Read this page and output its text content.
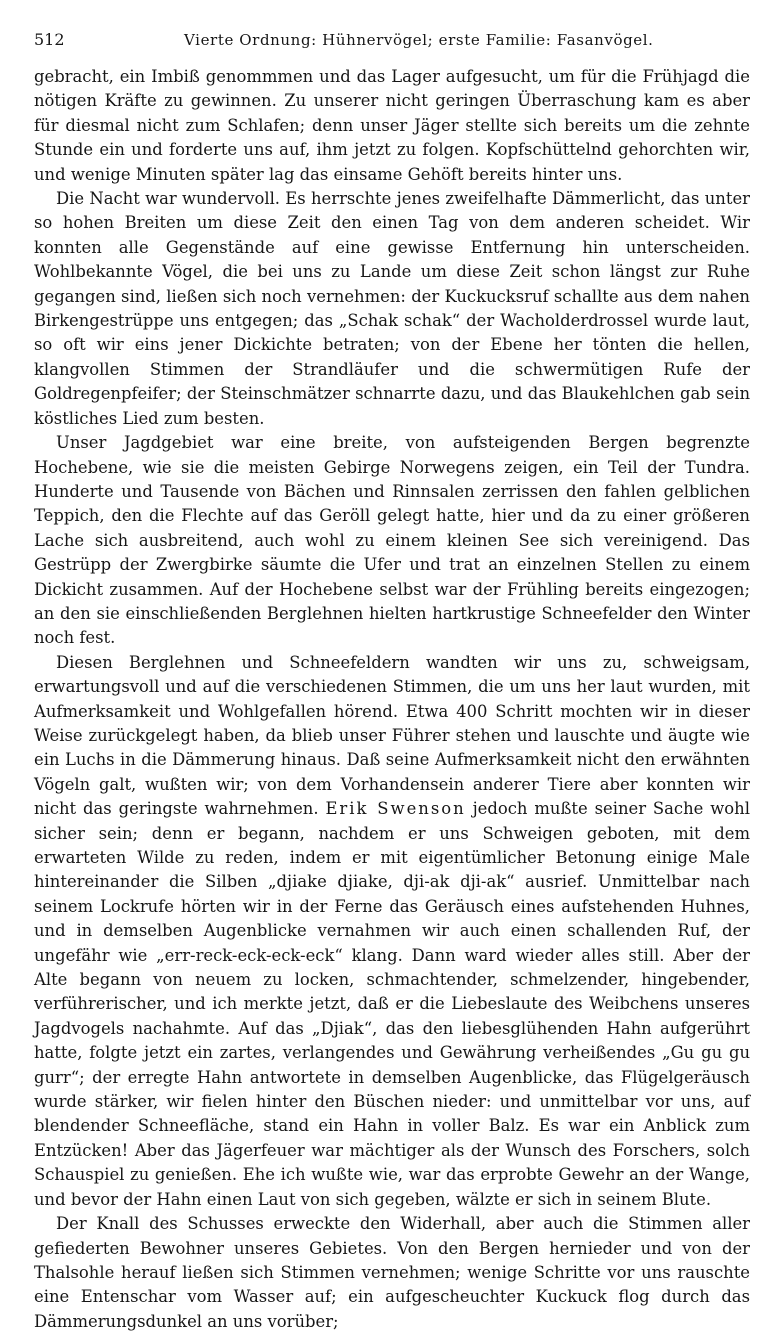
512	Vierte Ordnung: Hühnervögel; erste Familie: Fasanvögel.

gebracht, ein Imbiß genommmen und das Lager aufgesucht, um für die Frühjagd die nötigen Kräfte zu gewinnen. Zu unserer nicht geringen Überraschung kam es aber für diesmal nicht zum Schlafen; denn unser Jäger stellte sich bereits um die zehnte Stunde ein und forderte uns auf, ihm jetzt zu folgen. Kopfschüttelnd gehorchten wir, und wenige Minuten später lag das einsame Gehöft bereits hinter uns.

Die Nacht war wundervoll. Es herrschte jenes zweifelhafte Dämmerlicht, das unter so hohen Breiten um diese Zeit den einen Tag von dem anderen scheidet. Wir konnten alle Gegenstände auf eine gewisse Entfernung hin unterscheiden. Wohlbekannte Vögel, die bei uns zu Lande um diese Zeit schon längst zur Ruhe gegangen sind, ließen sich noch vernehmen: der Kuckucksruf schallte aus dem nahen Birkengestrüppe uns entgegen; das „Schak schak“ der Wacholderdrossel wurde laut, so oft wir eins jener Dickichte betraten; von der Ebene her tönten die hellen, klangvollen Stimmen der Strandläufer und die schwermütigen Rufe der Goldregenpfeifer; der Steinschmätzer schnarrte dazu, und das Blaukehlchen gab sein köstliches Lied zum besten.

Unser Jagdgebiet war eine breite, von aufsteigenden Bergen begrenzte Hochebene, wie sie die meisten Gebirge Norwegens zeigen, ein Teil der Tundra. Hunderte und Tausende von Bächen und Rinnsalen zerrissen den fahlen gelblichen Teppich, den die Flechte auf das Geröll gelegt hatte, hier und da zu einer größeren Lache sich ausbreitend, auch wohl zu einem kleinen See sich vereinigend. Das Gestrüpp der Zwergbirke säumte die Ufer und trat an einzelnen Stellen zu einem Dickicht zusammen. Auf der Hochebene selbst war der Frühling bereits eingezogen; an den sie einschließenden Berglehnen hielten hartkrustige Schneefelder den Winter noch fest.

Diesen Berglehnen und Schneefeldern wandten wir uns zu, schweigsam, erwartungsvoll und auf die verschiedenen Stimmen, die um uns her laut wurden, mit Aufmerksamkeit und Wohlgefallen hörend. Etwa 400 Schritt mochten wir in dieser Weise zurückgelegt haben, da blieb unser Führer stehen und lauschte und äugte wie ein Luchs in die Dämmerung hinaus. Daß seine Aufmerksamkeit nicht den erwähnten Vögeln galt, wußten wir; von dem Vorhandensein anderer Tiere aber konnten wir nicht das geringste wahrnehmen. Erik Swenson jedoch mußte seiner Sache wohl sicher sein; denn er begann, nachdem er uns Schweigen geboten, mit dem erwarteten Wilde zu reden, indem er mit eigentümlicher Betonung einige Male hintereinander die Silben „djiake djiake, dji-ak dji-ak“ ausrief. Unmittelbar nach seinem Lockrufe hörten wir in der Ferne das Geräusch eines aufstehenden Huhnes, und in demselben Augenblicke vernahmen wir auch einen schallenden Ruf, der ungefähr wie „err-reck-eck-eck-eck“ klang. Dann ward wieder alles still. Aber der Alte begann von neuem zu locken, schmachtender, schmelzender, hingebender, verführerischer, und ich merkte jetzt, daß er die Liebeslaute des Weibchens unseres Jagdvogels nachahmte. Auf das „Djiak“, das den liebesglühenden Hahn aufgerührt hatte, folgte jetzt ein zartes, verlangendes und Gewährung verheißendes „Gu gu gu gurr“; der erregte Hahn antwortete in demselben Augenblicke, das Flügelgeräusch wurde stärker, wir fielen hinter den Büschen nieder: und unmittelbar vor uns, auf blendender Schneefläche, stand ein Hahn in voller Balz. Es war ein Anblick zum Entzücken! Aber das Jägerfeuer war mächtiger als der Wunsch des Forschers, solch Schauspiel zu genießen. Ehe ich wußte wie, war das erprobte Gewehr an der Wange, und bevor der Hahn einen Laut von sich gegeben, wälzte er sich in seinem Blute.

Der Knall des Schusses erweckte den Widerhall, aber auch die Stimmen aller gefiederten Bewohner unseres Gebietes. Von den Bergen hernieder und von der Thalsohle herauf ließen sich Stimmen vernehmen; wenige Schritte vor uns rauschte eine Entenschar vom Wasser auf; ein aufgescheuchter Kuckuck flog durch das Dämmerungsdunkel an uns vorüber;
